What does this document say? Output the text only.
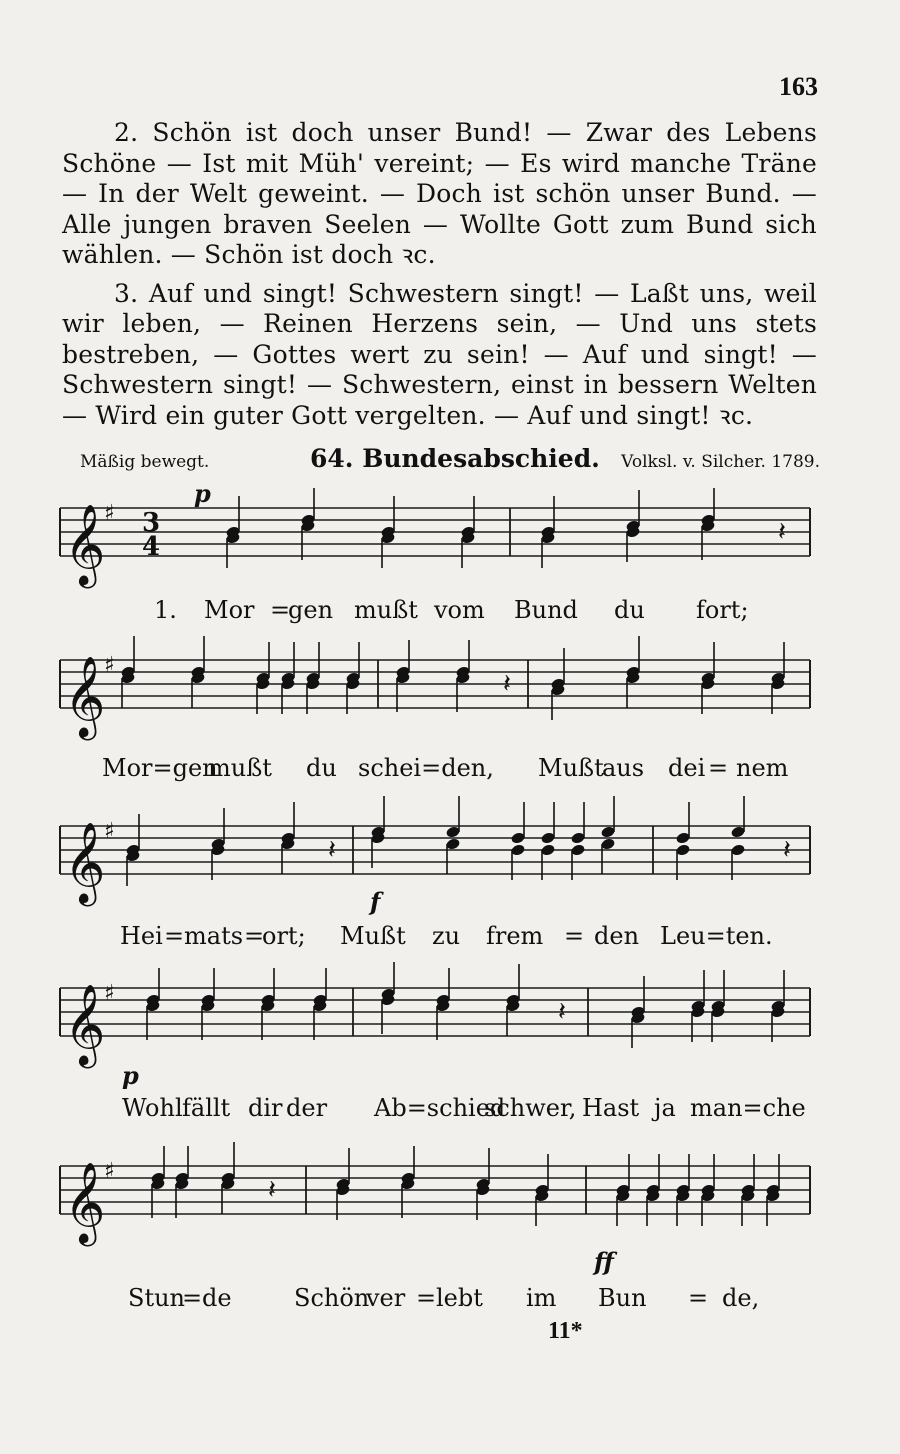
163

2. Schön ist doch unser Bund! — Zwar des Lebens Schöne — Ist mit Müh' vereint; — Es wird manche Träne — In der Welt geweint. — Doch ist schön unser Bund. — Alle jungen braven Seelen — Wollte Gott zum Bund sich wählen. — Schön ist doch ꝛc.

3. Auf und singt! Schwestern singt! — Laßt uns, weil wir leben, — Reinen Herzens sein, — Und uns stets bestreben, — Gottes wert zu sein! — Auf und singt! — Schwestern singt! — Schwestern, einst in bessern Welten — Wird ein guter Gott vergelten. — Auf und singt! ꝛc.

Mäßig bewegt.	64. Bundesabschied. Volksl. v. Silcher. 1789.
𝄞
♯ 3
4	𝄽
p
1. Mor =
gen mußt vom Bund du fort;
𝄞
♯
𝄽
Mor=gen
mußt du schei=den, Mußt
aus dei = nem
𝄞
♯
𝄽	𝄽
f
Hei = mats =
ort; Mußt zu frem = den Leu=ten.
𝄞
♯
𝄽
p
Wohl fällt dir der Ab=schied
schwer, Hast ja man=che
𝄞
♯
𝄽
ff
Stun
= de	Schön
ver = lebt im Bun = de,
11*
